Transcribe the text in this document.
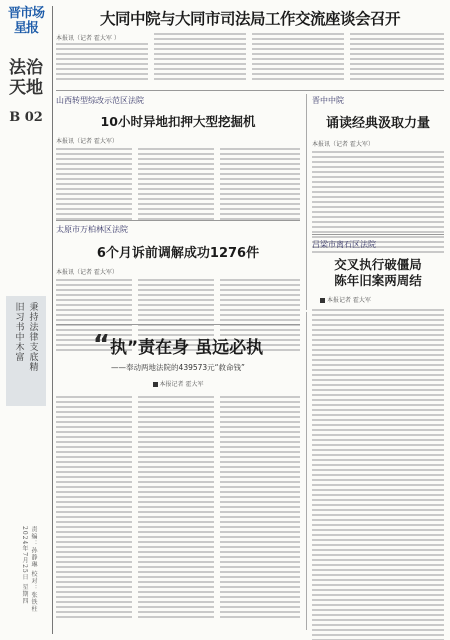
晋市场星报
法治天地
B 02
秉持法律支底精
旧习书中木富
责编：孙静琳 校对：张铁柱 2024年7月25日 星期四
大同中院与大同市司法局工作交流座谈会召开
本报讯（记者 霍大军 ）
山西转型综改示范区法院
10小时异地扣押大型挖掘机
本报讯（记者 霍大军）
太原市万柏林区法院
6个月诉前调解成功1276件
本报讯（记者 霍大军）
晋中中院
诵读经典汲取力量
本报讯（记者 霍大军）
吕梁市离石区法院
交叉执行破僵局
陈年旧案两周结
本报记者 霍大军
“执”责在身 虽远必执
——奉动两地法院的439573元“救命钱”
本报记者 霍大军
